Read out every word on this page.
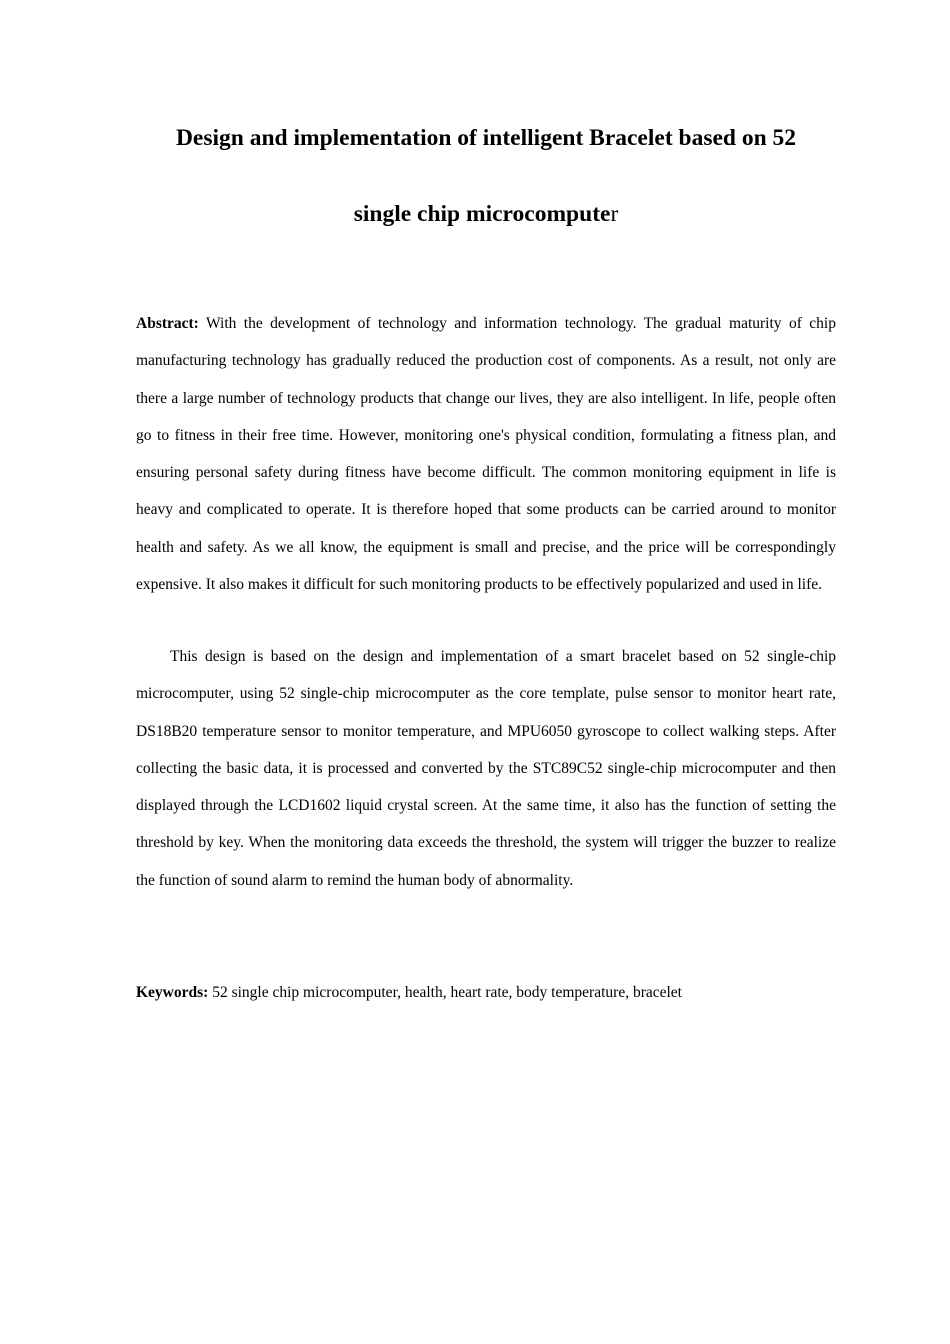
Design and implementation of intelligent Bracelet based on 52
single chip microcomputer

Abstract: With the development of technology and information technology. The gradual maturity of chip manufacturing technology has gradually reduced the production cost of components. As a result, not only are there a large number of technology products that change our lives, they are also intelligent. In life, people often go to fitness in their free time. However, monitoring one's physical condition, formulating a fitness plan, and ensuring personal safety during fitness have become difficult. The common monitoring equipment in life is heavy and complicated to operate. It is therefore hoped that some products can be carried around to monitor health and safety. As we all know, the equipment is small and precise, and the price will be correspondingly expensive. It also makes it difficult for such monitoring products to be effectively popularized and used in life.

This design is based on the design and implementation of a smart bracelet based on 52 single-chip microcomputer, using 52 single-chip microcomputer as the core template, pulse sensor to monitor heart rate, DS18B20 temperature sensor to monitor temperature, and MPU6050 gyroscope to collect walking steps. After collecting the basic data, it is processed and converted by the STC89C52 single-chip microcomputer and then displayed through the LCD1602 liquid crystal screen. At the same time, it also has the function of setting the threshold by key. When the monitoring data exceeds the threshold, the system will trigger the buzzer to realize the function of sound alarm to remind the human body of abnormality.

Keywords: 52 single chip microcomputer, health, heart rate, body temperature, bracelet
